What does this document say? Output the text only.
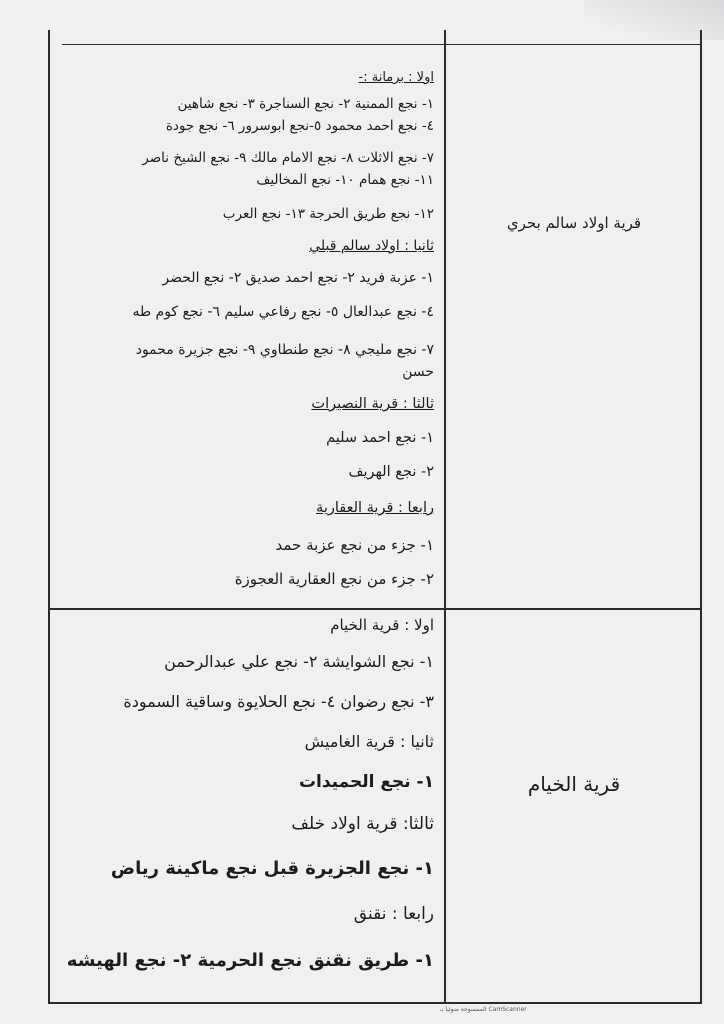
قرية اولاد سالم بحري
اولا : برمانة :-
١- نجع الممنية ٢- نجع السناجرة ٣- نجع شاهين
٤- نجع احمد محمود ٥-نجع ابوسرور ٦- نجع جودة
٧- نجع الاثلات ٨- نجع الامام مالك ٩- نجع الشيخ ناصر
١١- نجع همام ١٠- نجع المخاليف
١٢- نجع طريق الحرجة ١٣- نجع العرب
ثانيا : اولاد سالم قبلي
١- عزبة فريد ٢- نجع احمد صديق ٢- نجع الحضر
٤- نجع عبدالعال ٥- نجع رفاعي سليم ٦- نجع كوم طه
٧- نجع مليجي ٨- نجع طنطاوي ٩- نجع جزيرة محمود
حسن
ثالثا : قرية النصيرات
١- نجع احمد سليم
٢- نجع الهريف
رابعا : قرية العقارية
١- جزء من نجع عزبة حمد
٢- جزء من نجع العقارية العجوزة
قرية الخيام
اولا : قرية الخيام
١- نجع الشوايشة ٢- نجع علي عبدالرحمن
٣- نجع رضوان ٤- نجع الحلايوة وساقية السمودة
ثانيا : قرية الغاميش
١- نجع الحميدات
ثالثا: قرية اولاد خلف
١- نجع الجزيرة قبل نجع ماكينة رياض
رابعا : نقنق
١- طريق نقنق نجع الحرمية ٢- نجع الهيشه
الممسوحة ضوئيا بـ CamScanner
